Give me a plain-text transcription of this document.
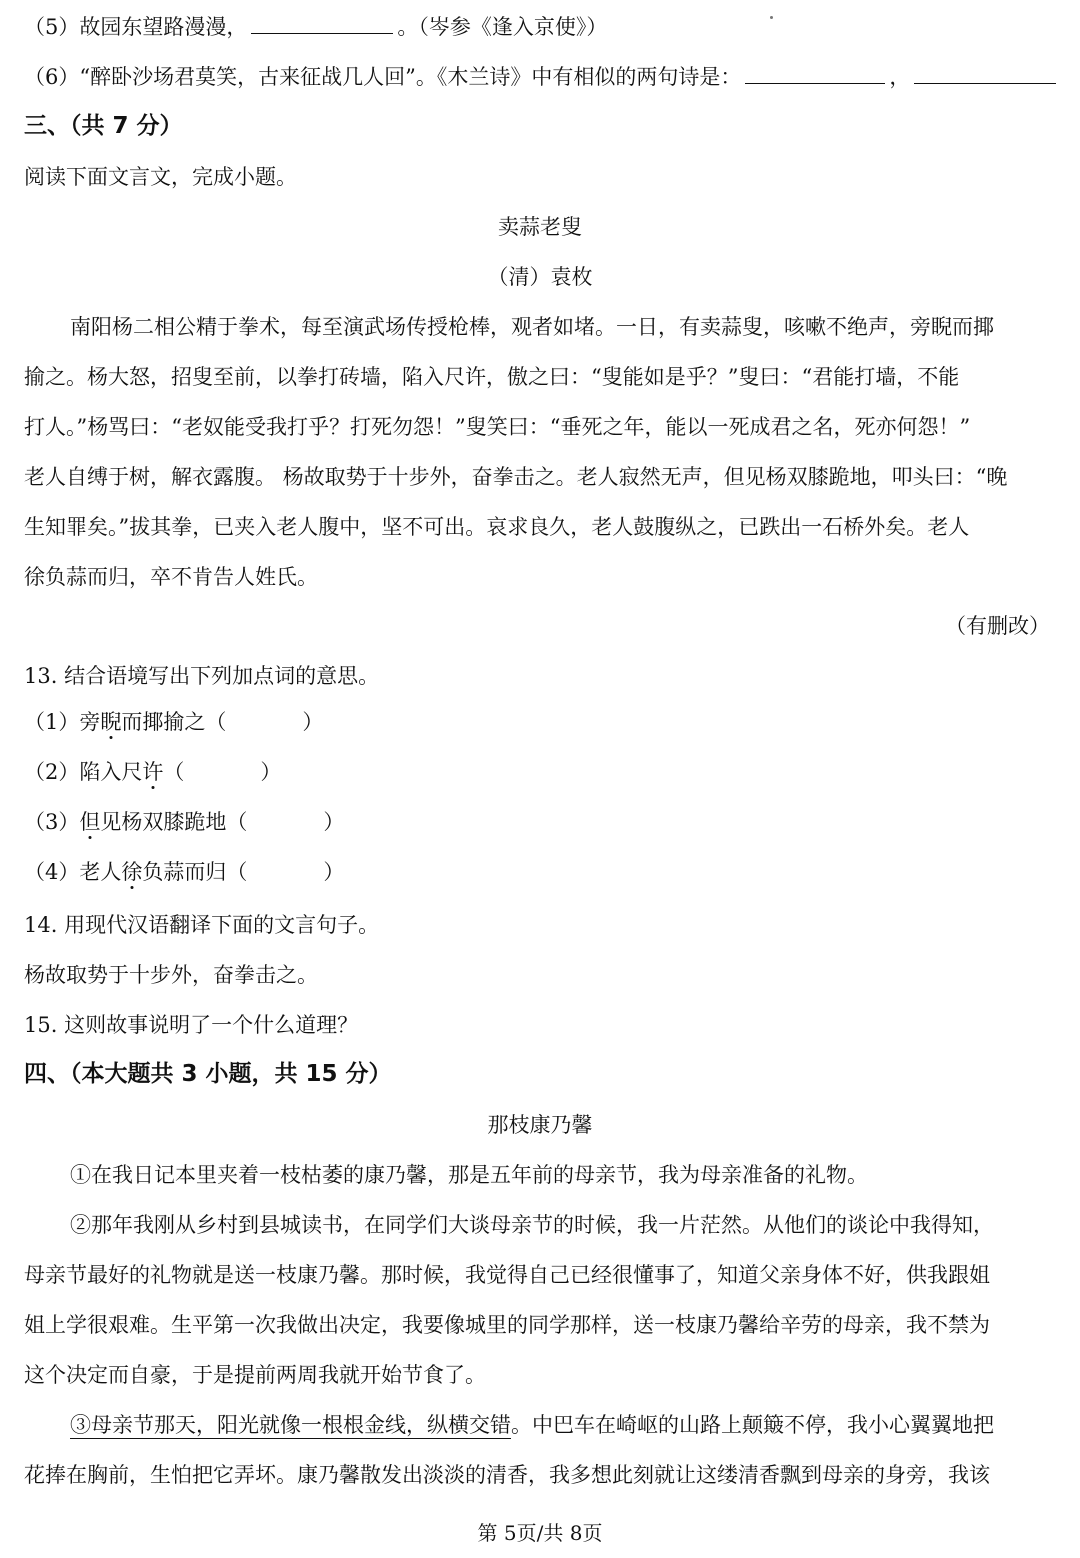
（5）故园东望路漫漫，	。（岑参《逢入京使》）
（6）“醉卧沙场君莫笑，古来征战几人回”。《木兰诗》中有相似的两句诗是：	，
三、（共 7 分）
阅读下面文言文，完成小题。
卖蒜老叟
（清）袁枚
南阳杨二相公精于拳术，每至演武场传授枪棒，观者如堵。一日，有卖蒜叟，咳嗽不绝声，旁睨而揶
揄之。杨大怒，招叟至前，以拳打砖墙，陷入尺许，傲之曰：“叟能如是乎？”叟曰：“君能打墙，不能
打人。”杨骂曰：“老奴能受我打乎？打死勿怨！”叟笑曰：“垂死之年，能以一死成君之名，死亦何怨！”
老人自缚于树，解衣露腹。 杨故取势于十步外，奋拳击之。老人寂然无声，但见杨双膝跪地，叩头曰：“晚
生知罪矣。”拔其拳，已夹入老人腹中，坚不可出。哀求良久，老人鼓腹纵之，已跌出一石桥外矣。老人
徐负蒜而归，卒不肯告人姓氏。
（有删改）
13. 结合语境写出下列加点词的意思。
（1）旁睨而揶揄之（	）
（2）陷入尺许（	）
（3）但见杨双膝跪地（	）
（4）老人徐负蒜而归（	）
14. 用现代汉语翻译下面的文言句子。
杨故取势于十步外，奋拳击之。
15. 这则故事说明了一个什么道理？
四、（本大题共 3 小题，共 15 分）
那枝康乃馨
①在我日记本里夹着一枝枯萎的康乃馨，那是五年前的母亲节，我为母亲准备的礼物。
②那年我刚从乡村到县城读书，在同学们大谈母亲节的时候，我一片茫然。从他们的谈论中我得知，
母亲节最好的礼物就是送一枝康乃馨。那时候，我觉得自己已经很懂事了，知道父亲身体不好，供我跟姐
姐上学很艰难。生平第一次我做出决定，我要像城里的同学那样，送一枝康乃馨给辛劳的母亲，我不禁为
这个决定而自豪，于是提前两周我就开始节食了。
③母亲节那天，阳光就像一根根金线，纵横交错。中巴车在崎岖的山路上颠簸不停，我小心翼翼地把
花捧在胸前，生怕把它弄坏。康乃馨散发出淡淡的清香，我多想此刻就让这缕清香飘到母亲的身旁，我该
第 5页/共 8页
